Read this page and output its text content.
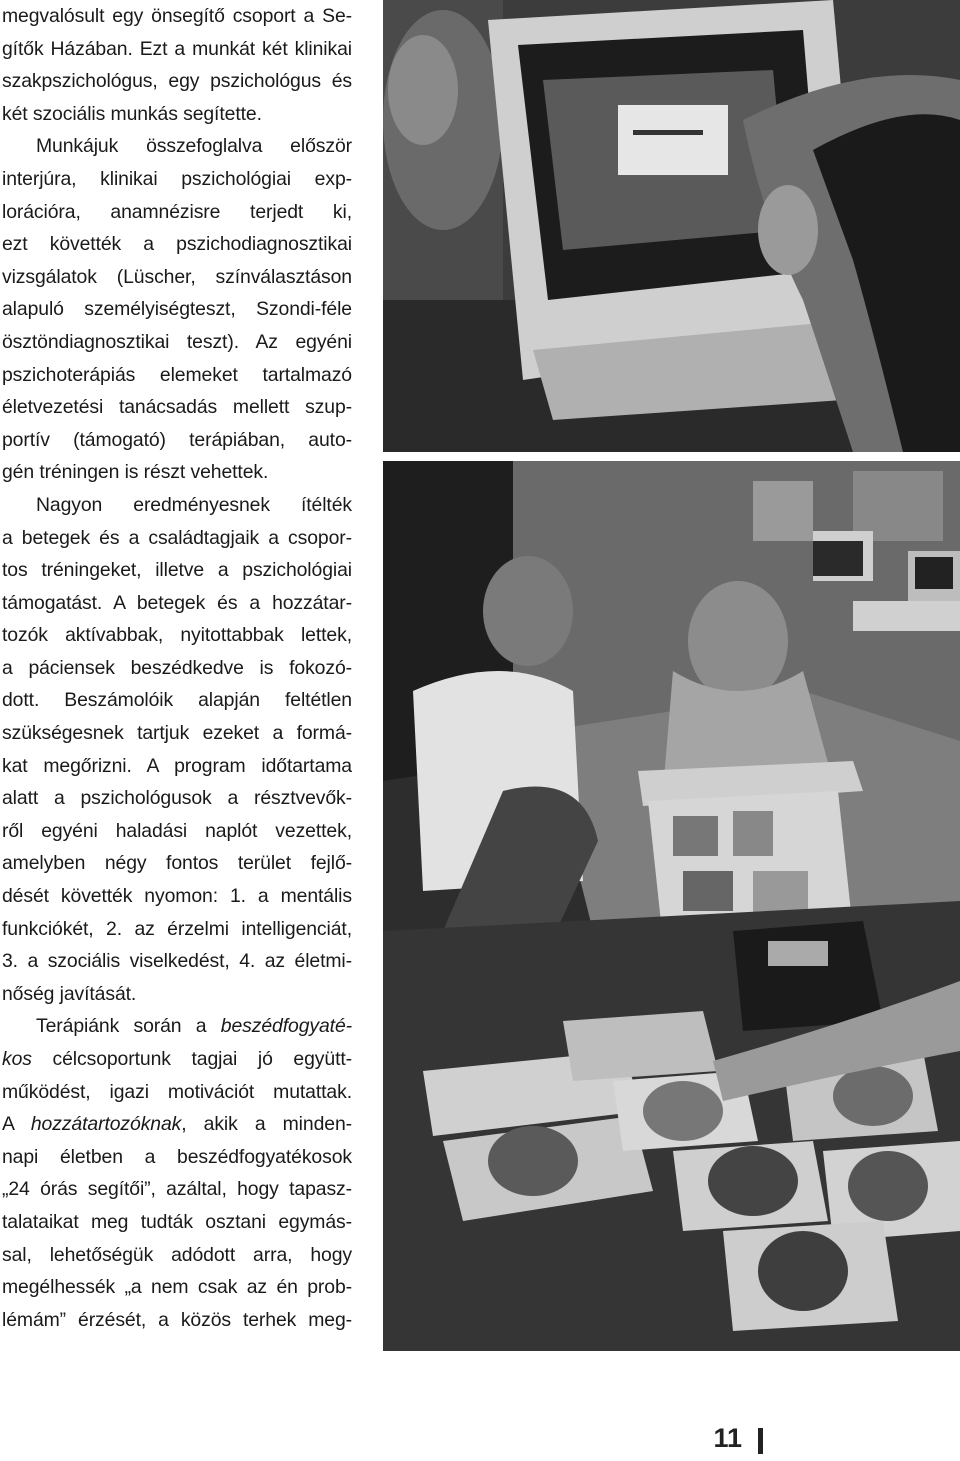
megvalósult egy önsegítő csoport a Se-
gítők Házában. Ezt a munkát két klinikai
szakpszichológus, egy pszichológus és
két szociális munkás segítette.
Munkájuk összefoglalva először
interjúra, klinikai pszichológiai exp-
lorációra, anamnézisre terjedt ki,
ezt követték a pszichodiagnosztikai
vizsgálatok (Lüscher, színválasztáson
alapuló személyiségteszt, Szondi-féle
ösztöndiagnosztikai teszt). Az egyéni
pszichoterápiás elemeket tartalmazó
életvezetési tanácsadás mellett szup-
portív (támogató) terápiában, auto-
gén tréningen is részt vehettek.
Nagyon eredményesnek ítélték
a betegek és a családtagjaik a csopor-
tos tréningeket, illetve a pszichológiai
támogatást. A betegek és a hozzátar-
tozók aktívabbak, nyitottabbak lettek,
a páciensek beszédkedve is fokozó-
dott. Beszámolóik alapján feltétlen
szükségesnek tartjuk ezeket a formá-
kat megőrizni. A program időtartama
alatt a pszichológusok a résztvevők-
ről egyéni haladási naplót vezettek,
amelyben négy fontos terület fejlő-
dését követték nyomon: 1. a mentális
funkciókét, 2. az érzelmi intelligenciát,
3. a szociális viselkedést, 4. az életmi-
nőség javítását.
Terápiánk során a beszédfogyaté-
kos célcsoportunk tagjai jó együtt-
működést, igazi motivációt mutattak.
A hozzátartozóknak, akik a minden-
napi életben a beszédfogyatékosok
„24 órás segítői”, azáltal, hogy tapasz-
talataikat meg tudták osztani egymás-
sal, lehetőségük adódott arra, hogy
megélhessék „a nem csak az én prob-
lémám” érzését, a közös terhek meg-
11
